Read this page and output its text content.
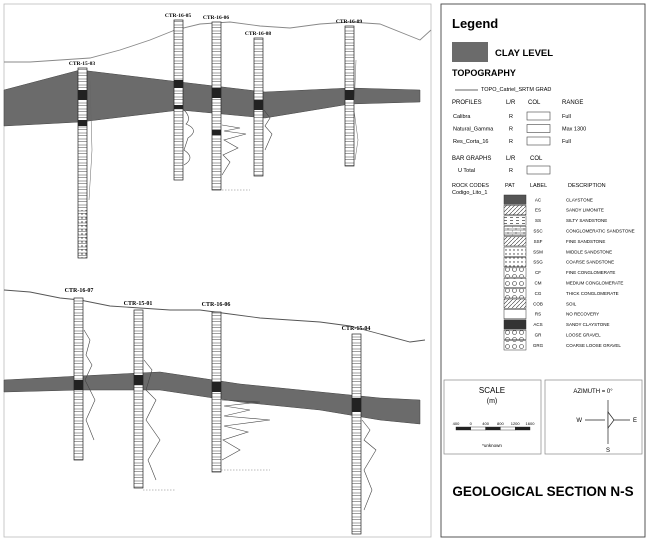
CTR-15-03
CTR-16-05 CTR-16-06
CTR-16-08
CTR-16-09
CTR-16-07
CTR-15-01	CTR-16-06
CTR-15-04
Legend
CLAY LEVEL
TOPOGRAPHY
TOPO_Catriel_SRTM GRAD
PROFILES	L/R COL	RANGE
Calibra	R	Full
Natural_Gamma	R	Max 1300
Res_Corta_16	R	Full
BAR GRAPHS L/R COL
U Total	R
ROCK CODES	PAT	LABEL	DESCRIPTION
Codigo_Lito_1
AC	CLAYSTONE
ES	SANDY LIMONITE
SS	SILTY SANDSTONE
SSC	CONGLOMERATIC SANDSTONE
SSF	FINE SANDSTONE
SSM	MIDDLE SANDSTONE
SSG	COARSE SANDSTONE
CF	FINE CONGLOMERATE
CM	MEDIUM CONGLOMERATE
CG	THICK CONGLOMERATE
COB	SOIL
RS	NO RECOVERY
ACS	SANDY CLAYSTONE
GR	LOOSE GRAVEL
GRG	COARSE LOOSE GRAVEL
SCALE
(m)
400	0	400 800 1200 1600
*unknown
AZIMUTH = 0°
W	E
S
GEOLOGICAL SECTION N-S
